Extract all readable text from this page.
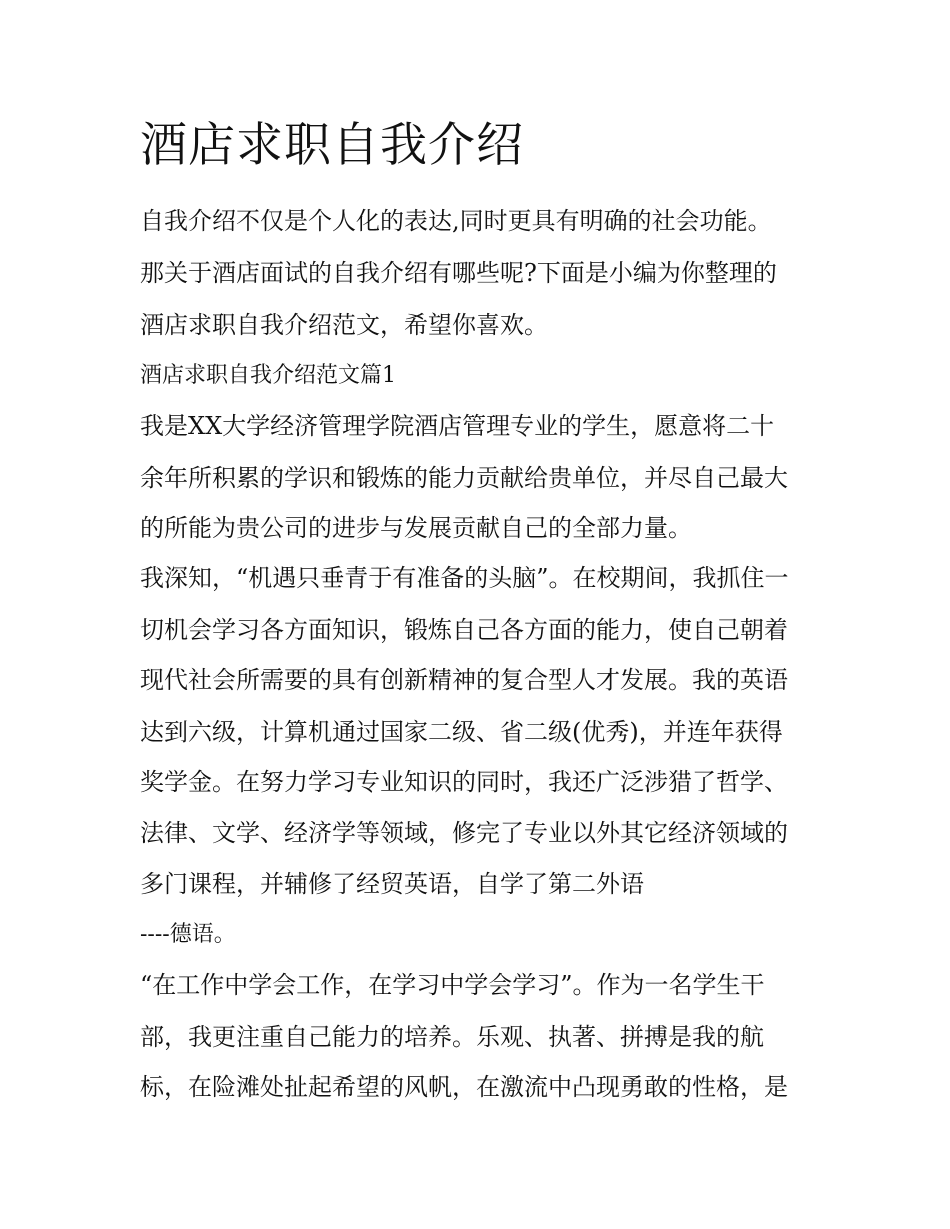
酒店求职自我介绍
自我介绍不仅是个人化的表达,同时更具有明确的社会功能。
那关于酒店面试的自我介绍有哪些呢?下面是小编为你整理的
酒店求职自我介绍范文，希望你喜欢。
酒店求职自我介绍范文篇1
我是XX大学经济管理学院酒店管理专业的学生，愿意将二十
余年所积累的学识和锻炼的能力贡献给贵单位，并尽自己最大
的所能为贵公司的进步与发展贡献自己的全部力量。
我深知，“机遇只垂青于有准备的头脑”。在校期间，我抓住一
切机会学习各方面知识，锻炼自己各方面的能力，使自己朝着
现代社会所需要的具有创新精神的复合型人才发展。我的英语
达到六级，计算机通过国家二级、省二级(优秀)，并连年获得
奖学金。在努力学习专业知识的同时，我还广泛涉猎了哲学、
法律、文学、经济学等领域，修完了专业以外其它经济领域的
多门课程，并辅修了经贸英语，自学了第二外语
----德语。
“在工作中学会工作，在学习中学会学习”。作为一名学生干
部，我更注重自己能力的培养。乐观、执著、拼搏是我的航
标，在险滩处扯起希望的风帆，在激流中凸现勇敢的性格，是
